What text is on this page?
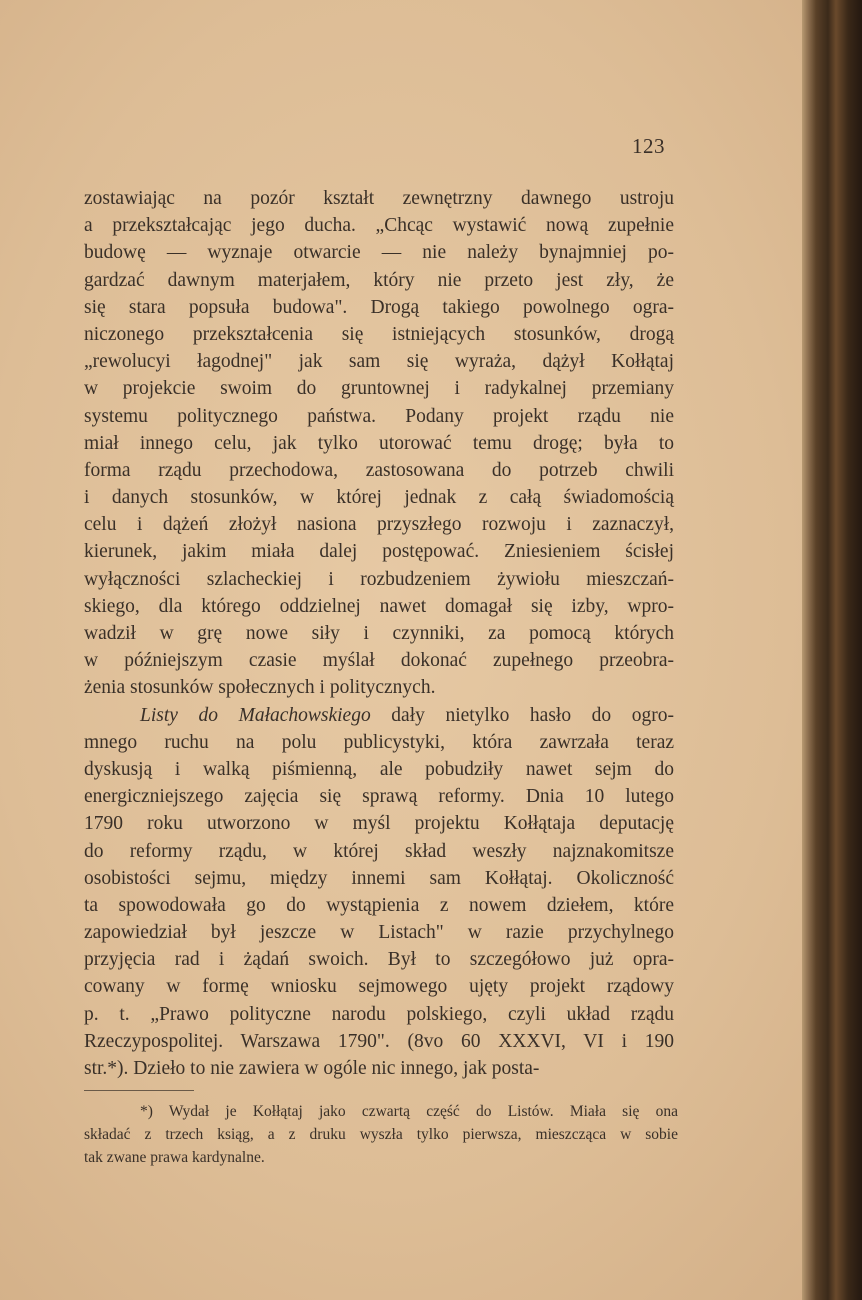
123
zostawiając na pozór kształt zewnętrzny dawnego ustroju
a przekształcając jego ducha. „Chcąc wystawić nową zupełnie
budowę — wyznaje otwarcie — nie należy bynajmniej po-
gardzać dawnym materjałem, który nie przeto jest zły, że
się stara popsuła budowa". Drogą takiego powolnego ogra-
niczonego przekształcenia się istniejących stosunków, drogą
„rewolucyi łagodnej" jak sam się wyraża, dążył Kołłątaj
w projekcie swoim do gruntownej i radykalnej przemiany
systemu politycznego państwa. Podany projekt rządu nie
miał innego celu, jak tylko utorować temu drogę; była to
forma rządu przechodowa, zastosowana do potrzeb chwili
i danych stosunków, w której jednak z całą świadomością
celu i dążeń złożył nasiona przyszłego rozwoju i zaznaczył,
kierunek, jakim miała dalej postępować. Zniesieniem ścisłej
wyłączności szlacheckiej i rozbudzeniem żywiołu mieszczań-
skiego, dla którego oddzielnej nawet domagał się izby, wpro-
wadził w grę nowe siły i czynniki, za pomocą których
w późniejszym czasie myślał dokonać zupełnego przeobra-
żenia stosunków społecznych i politycznych.
Listy do Małachowskiego dały nietylko hasło do ogro-
mnego ruchu na polu publicystyki, która zawrzała teraz
dyskusją i walką piśmienną, ale pobudziły nawet sejm do
energiczniejszego zajęcia się sprawą reformy. Dnia 10 lutego
1790 roku utworzono w myśl projektu Kołłątaja deputację
do reformy rządu, w której skład weszły najznakomitsze
osobistości sejmu, między innemi sam Kołłątaj. Okoliczność
ta spowodowała go do wystąpienia z nowem dziełem, które
zapowiedział był jeszcze w Listach" w razie przychylnego
przyjęcia rad i żądań swoich. Był to szczegółowo już opra-
cowany w formę wniosku sejmowego ujęty projekt rządowy
p. t. „Prawo polityczne narodu polskiego, czyli układ rządu
Rzeczypospolitej. Warszawa 1790". (8vo 60 XXXVI, VI i 190
str.*). Dzieło to nie zawiera w ogóle nic innego, jak posta-
*) Wydał je Kołłątaj jako czwartą część do Listów. Miała się ona
składać z trzech ksiąg, a z druku wyszła tylko pierwsza, mieszcząca w sobie
tak zwane prawa kardynalne.
